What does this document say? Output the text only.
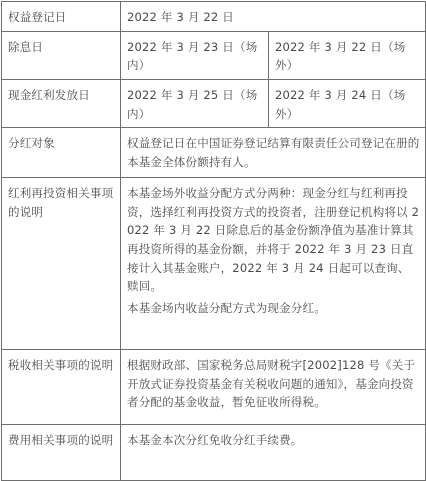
权益登记日	2022 年 3 月 22 日	
除息日	2022 年 3 月 23 日（场内）	2022 年 3 月 22 日（场外）
现金红利发放日	2022 年 3 月 25 日（场内）	2022 年 3 月 24 日（场外）
分红对象	权益登记日在中国证券登记结算有限责任公司登记在册的本基金全体份额持有人。	
红利再投资相关事项的说明	本基金场外收益分配方式分两种：现金分红与红利再投资，选择红利再投资方式的投资者，注册登记机构将以 2022 年 3 月 22 日除息后的基金份额净值为基准计算其再投资所得的基金份额，并将于 2022 年 3 月 23 日直接计入其基金账户，2022 年 3 月 24 日起可以查询、赎回。
本基金场内收益分配方式为现金分红。	

税收相关事项的说明	根据财政部、国家税务总局财税字[2002]128 号《关于开放式证券投资基金有关税收问题的通知》，基金向投资者分配的基金收益，暂免征收所得税。	
费用相关事项的说明	本基金本次分红免收分红手续费。	
